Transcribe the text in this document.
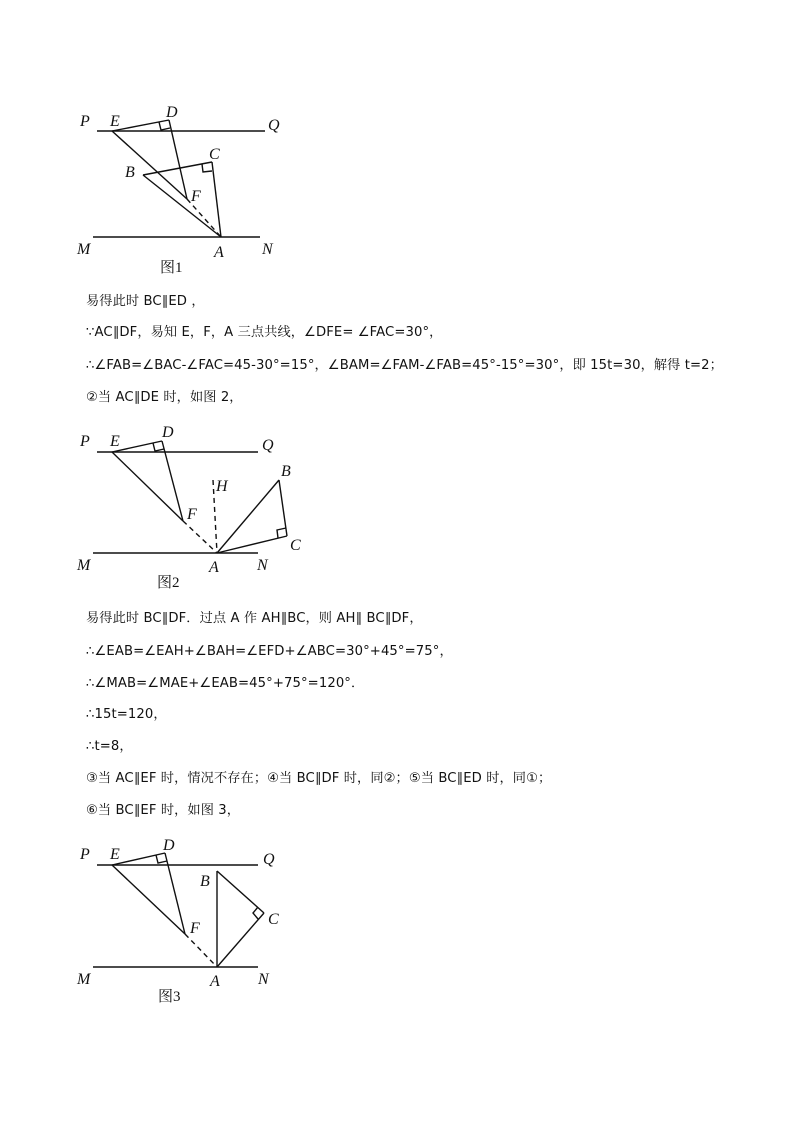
P E
D
Q
B
C
F
M	A N
图1
易得此时 BC∥ED ，
∵AC∥DF，易知 E，F，A 三点共线，∠DFE= ∠FAC=30°，
∴∠FAB=∠BAC-∠FAC=45-30°=15°，∠BAM=∠FAM-∠FAB=45°-15°=30°，即 15t=30，解得 t=2；
②当 AC∥DE 时，如图 2，
P E
D
Q
B
H
F
C
M	A N
图2
易得此时 BC∥DF．过点 A 作 AH∥BC，则 AH∥ BC∥DF，
∴∠EAB=∠EAH+∠BAH=∠EFD+∠ABC=30°+45°=75°，
∴∠MAB=∠MAE+∠EAB=45°+75°=120°．
∴15t=120，
∴t=8，
③当 AC∥EF 时，情况不存在；④当 BC∥DF 时，同②；⑤当 BC∥ED 时，同①；
⑥当 BC∥EF 时，如图 3，
P E
D
Q
B
C
F
M	A N
图3
